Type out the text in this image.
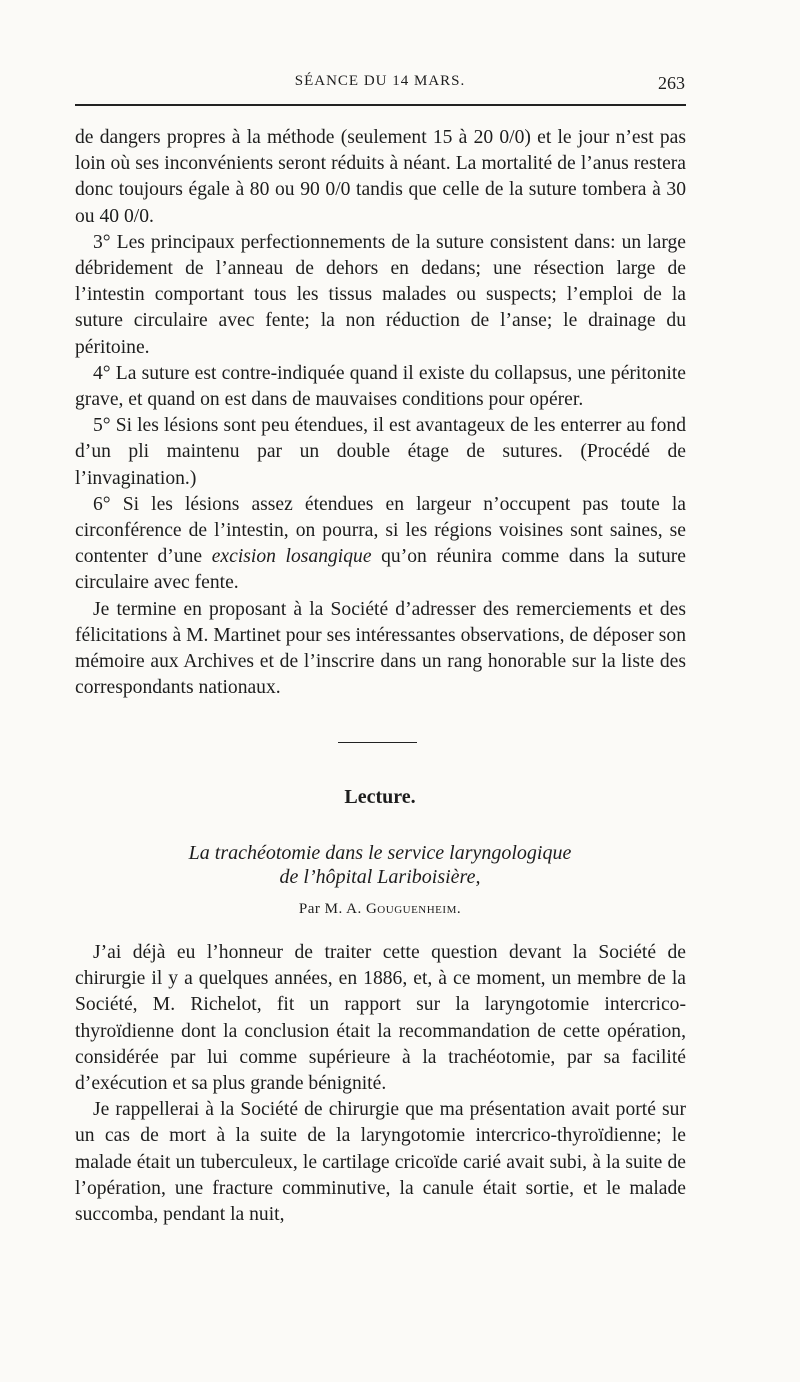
SÉANCE DU 14 MARS.	263

de dangers propres à la méthode (seulement 15 à 20 0/0) et le jour n’est pas loin où ses inconvénients seront réduits à néant. La mortalité de l’anus restera donc toujours égale à 80 ou 90 0/0 tandis que celle de la suture tombera à 30 ou 40 0/0.

3° Les principaux perfectionnements de la suture consistent dans: un large débridement de l’anneau de dehors en dedans; une résection large de l’intestin comportant tous les tissus malades ou suspects; l’emploi de la suture circulaire avec fente; la non réduction de l’anse; le drainage du péritoine.

4° La suture est contre-indiquée quand il existe du collapsus, une péritonite grave, et quand on est dans de mauvaises conditions pour opérer.

5° Si les lésions sont peu étendues, il est avantageux de les enterrer au fond d’un pli maintenu par un double étage de sutures. (Procédé de l’invagination.)

6° Si les lésions assez étendues en largeur n’occupent pas toute la circonférence de l’intestin, on pourra, si les régions voisines sont saines, se contenter d’une excision losangique qu’on réunira comme dans la suture circulaire avec fente.

Je termine en proposant à la Société d’adresser des remerciements et des félicitations à M. Martinet pour ses intéressantes observations, de déposer son mémoire aux Archives et de l’inscrire dans un rang honorable sur la liste des correspondants nationaux.

Lecture.
La trachéotomie dans le service laryngologique
de l’hôpital Lariboisière,
Par M. A. Gouguenheim.

J’ai déjà eu l’honneur de traiter cette question devant la Société de chirurgie il y a quelques années, en 1886, et, à ce moment, un membre de la Société, M. Richelot, fit un rapport sur la laryngotomie intercrico-thyroïdienne dont la conclusion était la recommandation de cette opération, considérée par lui comme supérieure à la trachéotomie, par sa facilité d’exécution et sa plus grande bénignité.

Je rappellerai à la Société de chirurgie que ma présentation avait porté sur un cas de mort à la suite de la laryngotomie intercrico-thyroïdienne; le malade était un tuberculeux, le cartilage cricoïde carié avait subi, à la suite de l’opération, une fracture comminutive, la canule était sortie, et le malade succomba, pendant la nuit,
